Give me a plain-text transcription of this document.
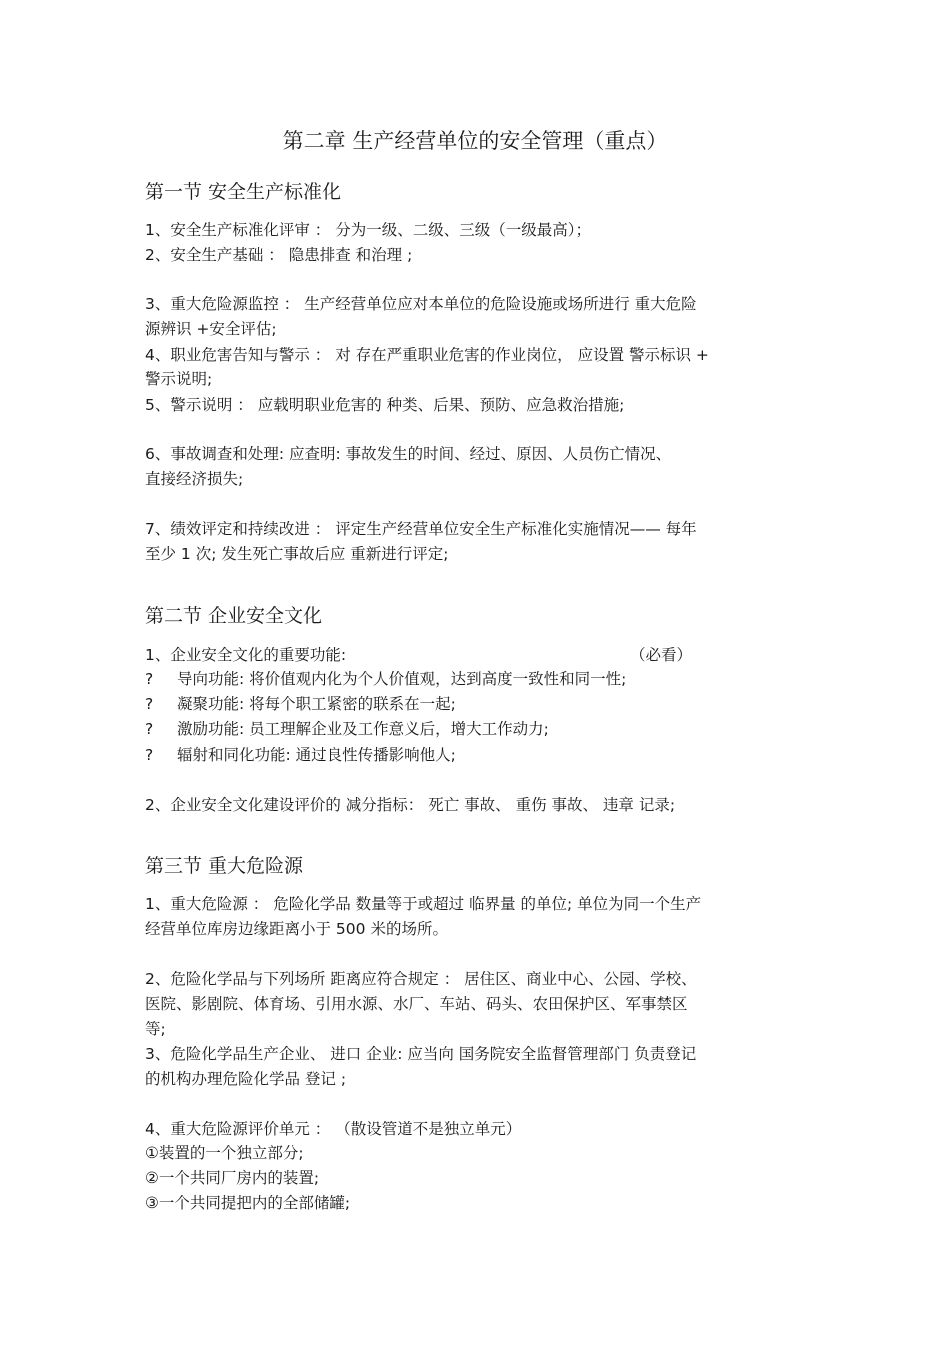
第二章 生产经营单位的安全管理（重点）
第一节 安全生产标准化
1、安全生产标准化评审 ： 分为一级、二级、三级（一级最高）；
2、安全生产基础 ： 隐患排查 和治理 ;
3、重大危险源监控 ： 生产经营单位应对本单位的危险设施或场所进行 重大危险
源辨识 +安全评估;
4、职业危害告知与警示 ： 对 存在严重职业危害的作业岗位， 应设置 警示标识 +
警示说明;
5、警示说明 ： 应载明职业危害的 种类、后果、预防、应急救治措施;
6、事故调查和处理: 应查明: 事故发生的时间、经过、原因、人员伤亡情况、
直接经济损失;
7、绩效评定和持续改进 ： 评定生产经营单位安全生产标准化实施情况—— 每年
至少 1 次; 发生死亡事故后应 重新进行评定;
第二节 企业安全文化
1、企业安全文化的重要功能:	（必看）
? 导向功能: 将价值观内化为个人价值观，达到高度一致性和同一性;
? 凝聚功能: 将每个职工紧密的联系在一起;
? 激励功能: 员工理解企业及工作意义后，增大工作动力;
? 辐射和同化功能: 通过良性传播影响他人;
2、企业安全文化建设评价的 减分指标： 死亡 事故、 重伤 事故、 违章 记录;
第三节 重大危险源
1、重大危险源 ： 危险化学品 数量等于或超过 临界量 的单位; 单位为同一个生产
经营单位库房边缘距离小于 500 米的场所。
2、危险化学品与下列场所 距离应符合规定 ： 居住区、商业中心、公园、学校、
医院、影剧院、体育场、引用水源、水厂、车站、码头、农田保护区、军事禁区
等;
3、危险化学品生产企业、 进口 企业: 应当向 国务院安全监督管理部门 负责登记
的机构办理危险化学品 登记 ;
4、重大危险源评价单元 ： （散设管道不是独立单元）
①装置的一个独立部分;
②一个共同厂房内的装置;
③一个共同提把内的全部储罐;
